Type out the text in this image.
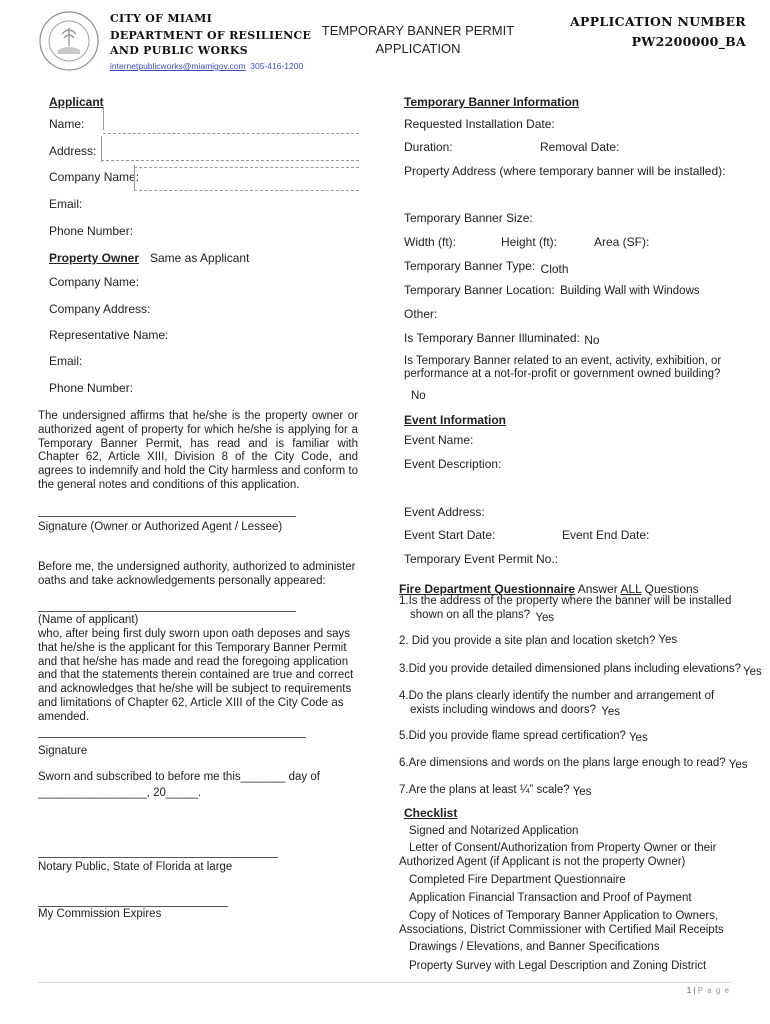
CITY OF MIAMI
DEPARTMENT OF RESILIENCE
AND PUBLIC WORKS
internetpublicworks@miamigov.com 305-416-1200
TEMPORARY BANNER PERMIT
APPLICATION
APPLICATION NUMBER
PW2200000_BA
Applicant
Name:
Address:
Company Name:
Email:
Phone Number:
Property Owner Same as Applicant
Company Name:
Company Address:
Representative Name:
Email:
Phone Number:
The undersigned affirms that he/she is the property owner or authorized agent of property for which he/she is applying for a Temporary Banner Permit, has read and is familiar with Chapter 62, Article XIII, Division 8 of the City Code, and agrees to indemnify and hold the City harmless and conform to the general notes and conditions of this application.
Signature (Owner or Authorized Agent / Lessee)
Before me, the undersigned authority, authorized to administer oaths and take acknowledgements personally appeared:
(Name of applicant)
who, after being first duly sworn upon oath deposes and says that he/she is the applicant for this Temporary Banner Permit and that he/she has made and read the foregoing application and that the statements therein contained are true and correct and acknowledges that he/she will be subject to requirements and limitations of Chapter 62, Article XIII of the City Code as amended.
Signature
Sworn and subscribed to before me this_______ day of
_________________, 20_____.
Notary Public, State of Florida at large
My Commission Expires
Temporary Banner Information
Requested Installation Date:
Duration:	Removal Date:
Property Address (where temporary banner will be installed):
Temporary Banner Size:
Width (ft):	Height (ft):	Area (SF):
Temporary Banner Type: Cloth
Temporary Banner Location: Building Wall with Windows
Other:
Is Temporary Banner Illuminated: No
Is Temporary Banner related to an event, activity, exhibition, or performance at a not-for-profit or government owned building?
No
Event Information
Event Name:
Event Description:
Event Address:
Event Start Date:	Event End Date:
Temporary Event Permit No.:
Fire Department Questionnaire Answer ALL Questions
1.Is the address of the property where the banner will be installed
shown on all the plans? Yes
2. Did you provide a site plan and location sketch? Yes
3.Did you provide detailed dimensioned plans including elevations? Yes
4.Do the plans clearly identify the number and arrangement of
exists including windows and doors? Yes
5.Did you provide flame spread certification? Yes
6.Are dimensions and words on the plans large enough to read? Yes
7.Are the plans at least ¼” scale? Yes
Checklist
Signed and Notarized Application
Letter of Consent/Authorization from Property Owner or their
Authorized Agent (if Applicant is not the property Owner)
Completed Fire Department Questionnaire
Application Financial Transaction and Proof of Payment
Copy of Notices of Temporary Banner Application to Owners,
Associations, District Commissioner with Certified Mail Receipts
Drawings / Elevations, and Banner Specifications
Property Survey with Legal Description and Zoning District
1 | P a g e
